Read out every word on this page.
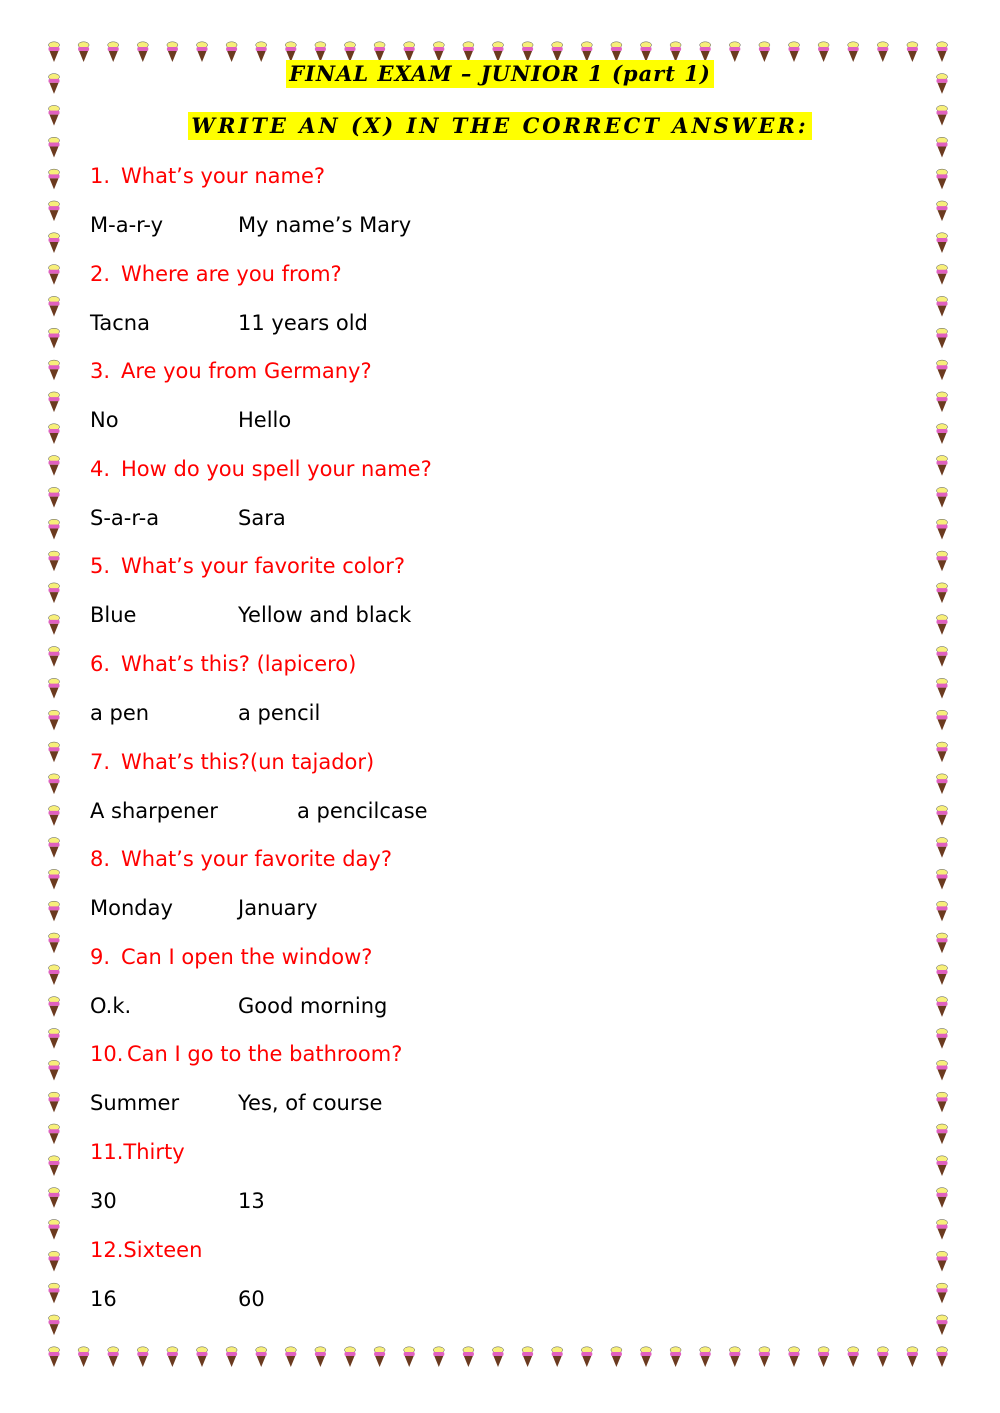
FINAL EXAM – JUNIOR 1 (part 1)
WRITE AN (X) IN THE CORRECT ANSWER:
1. What’s your name?
M-a-r-y	My name’s Mary
2. Where are you from?
Tacna	11 years old
3. Are you from Germany?
No	Hello
4. How do you spell your name?
S-a-r-a	Sara
5. What’s your favorite color?
Blue	Yellow and black
6. What’s this? (lapicero)
a pen	a pencil
7. What’s this?(un tajador)
A sharpener	a pencilcase
8. What’s your favorite day?
Monday	January
9. Can I open the window?
O.k.	Good morning
10. Can I go to the bathroom?
Summer	Yes, of course
11.Thirty
30	13
12.Sixteen
16	60
